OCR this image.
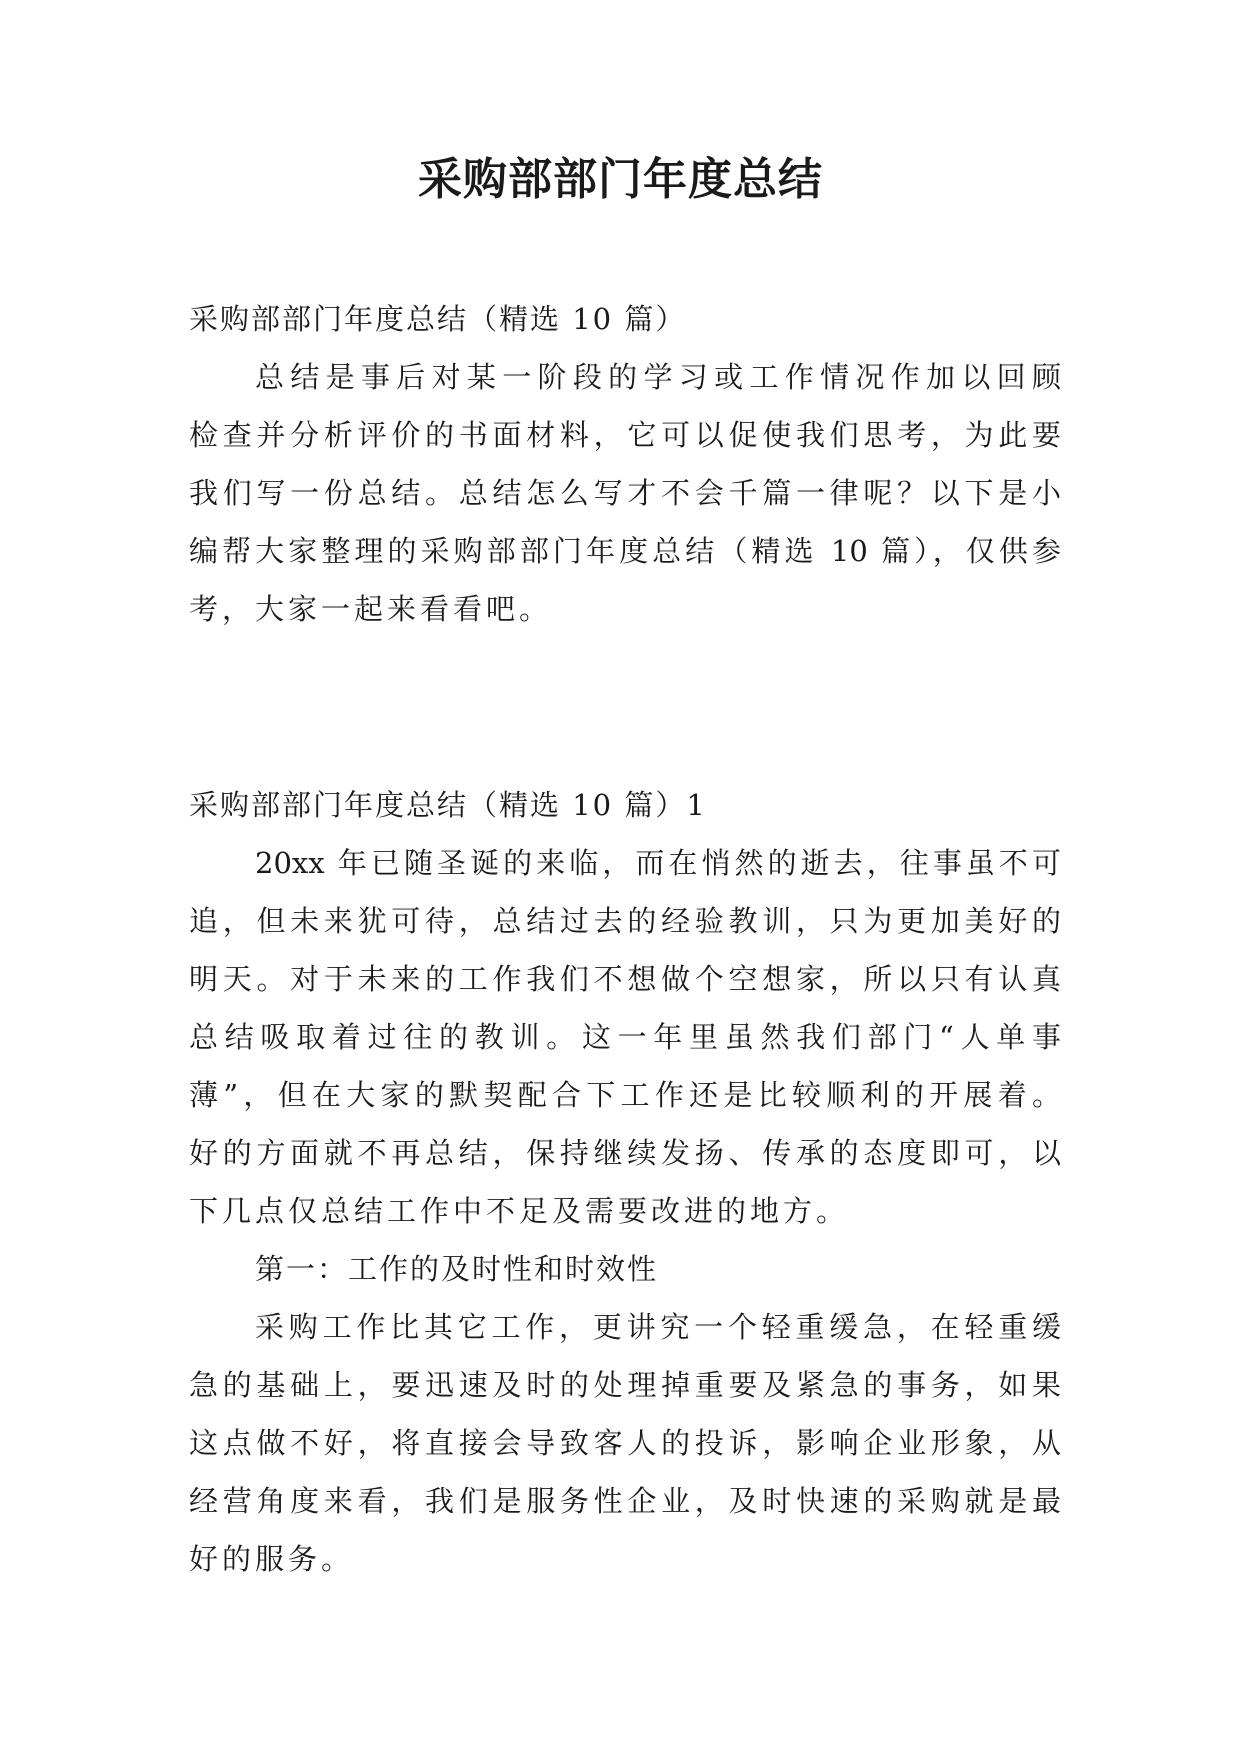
采购部部门年度总结
采购部部门年度总结（精选 10 篇）
总结是事后对某一阶段的学习或工作情况作加以回顾
检查并分析评价的书面材料，它可以促使我们思考，为此要
我们写一份总结。总结怎么写才不会千篇一律呢？以下是小
编帮大家整理的采购部部门年度总结（精选 10 篇），仅供参
考，大家一起来看看吧。
采购部部门年度总结（精选 10 篇）1
20xx 年已随圣诞的来临，而在悄然的逝去，往事虽不可
追，但未来犹可待，总结过去的经验教训，只为更加美好的
明天。对于未来的工作我们不想做个空想家，所以只有认真
总结吸取着过往的教训。这一年里虽然我们部门“人单事
薄”，但在大家的默契配合下工作还是比较顺利的开展着。
好的方面就不再总结，保持继续发扬、传承的态度即可，以
下几点仅总结工作中不足及需要改进的地方。
第一：工作的及时性和时效性
采购工作比其它工作，更讲究一个轻重缓急，在轻重缓
急的基础上，要迅速及时的处理掉重要及紧急的事务，如果
这点做不好，将直接会导致客人的投诉，影响企业形象，从
经营角度来看，我们是服务性企业，及时快速的采购就是最
好的服务。
